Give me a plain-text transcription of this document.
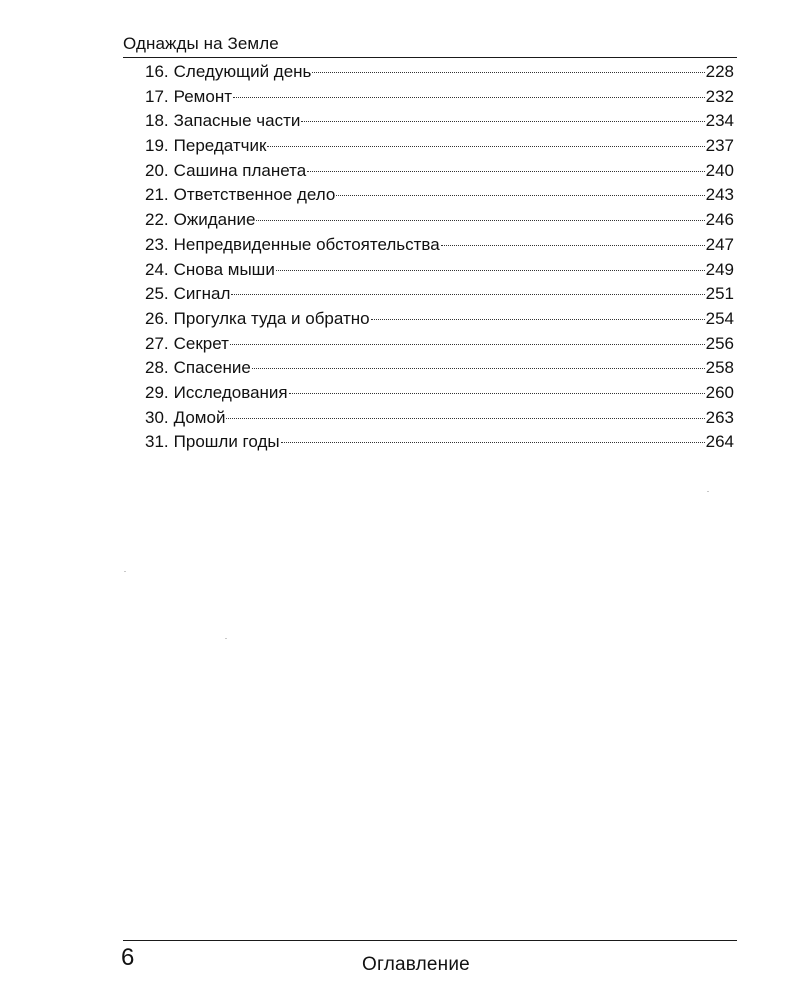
Однажды на Земле
16. Следующий день	228
17. Ремонт	232
18. Запасные части	234
19. Передатчик	237
20. Сашина планета	240
21. Ответственное дело	243
22. Ожидание	246
23. Непредвиденные обстоятельства	247
24. Снова мыши	249
25. Сигнал	251
26. Прогулка туда и обратно	254
27. Секрет	256
28. Спасение	258
29. Исследования	260
30. Домой	263
31. Прошли годы	264
6	Оглавление
